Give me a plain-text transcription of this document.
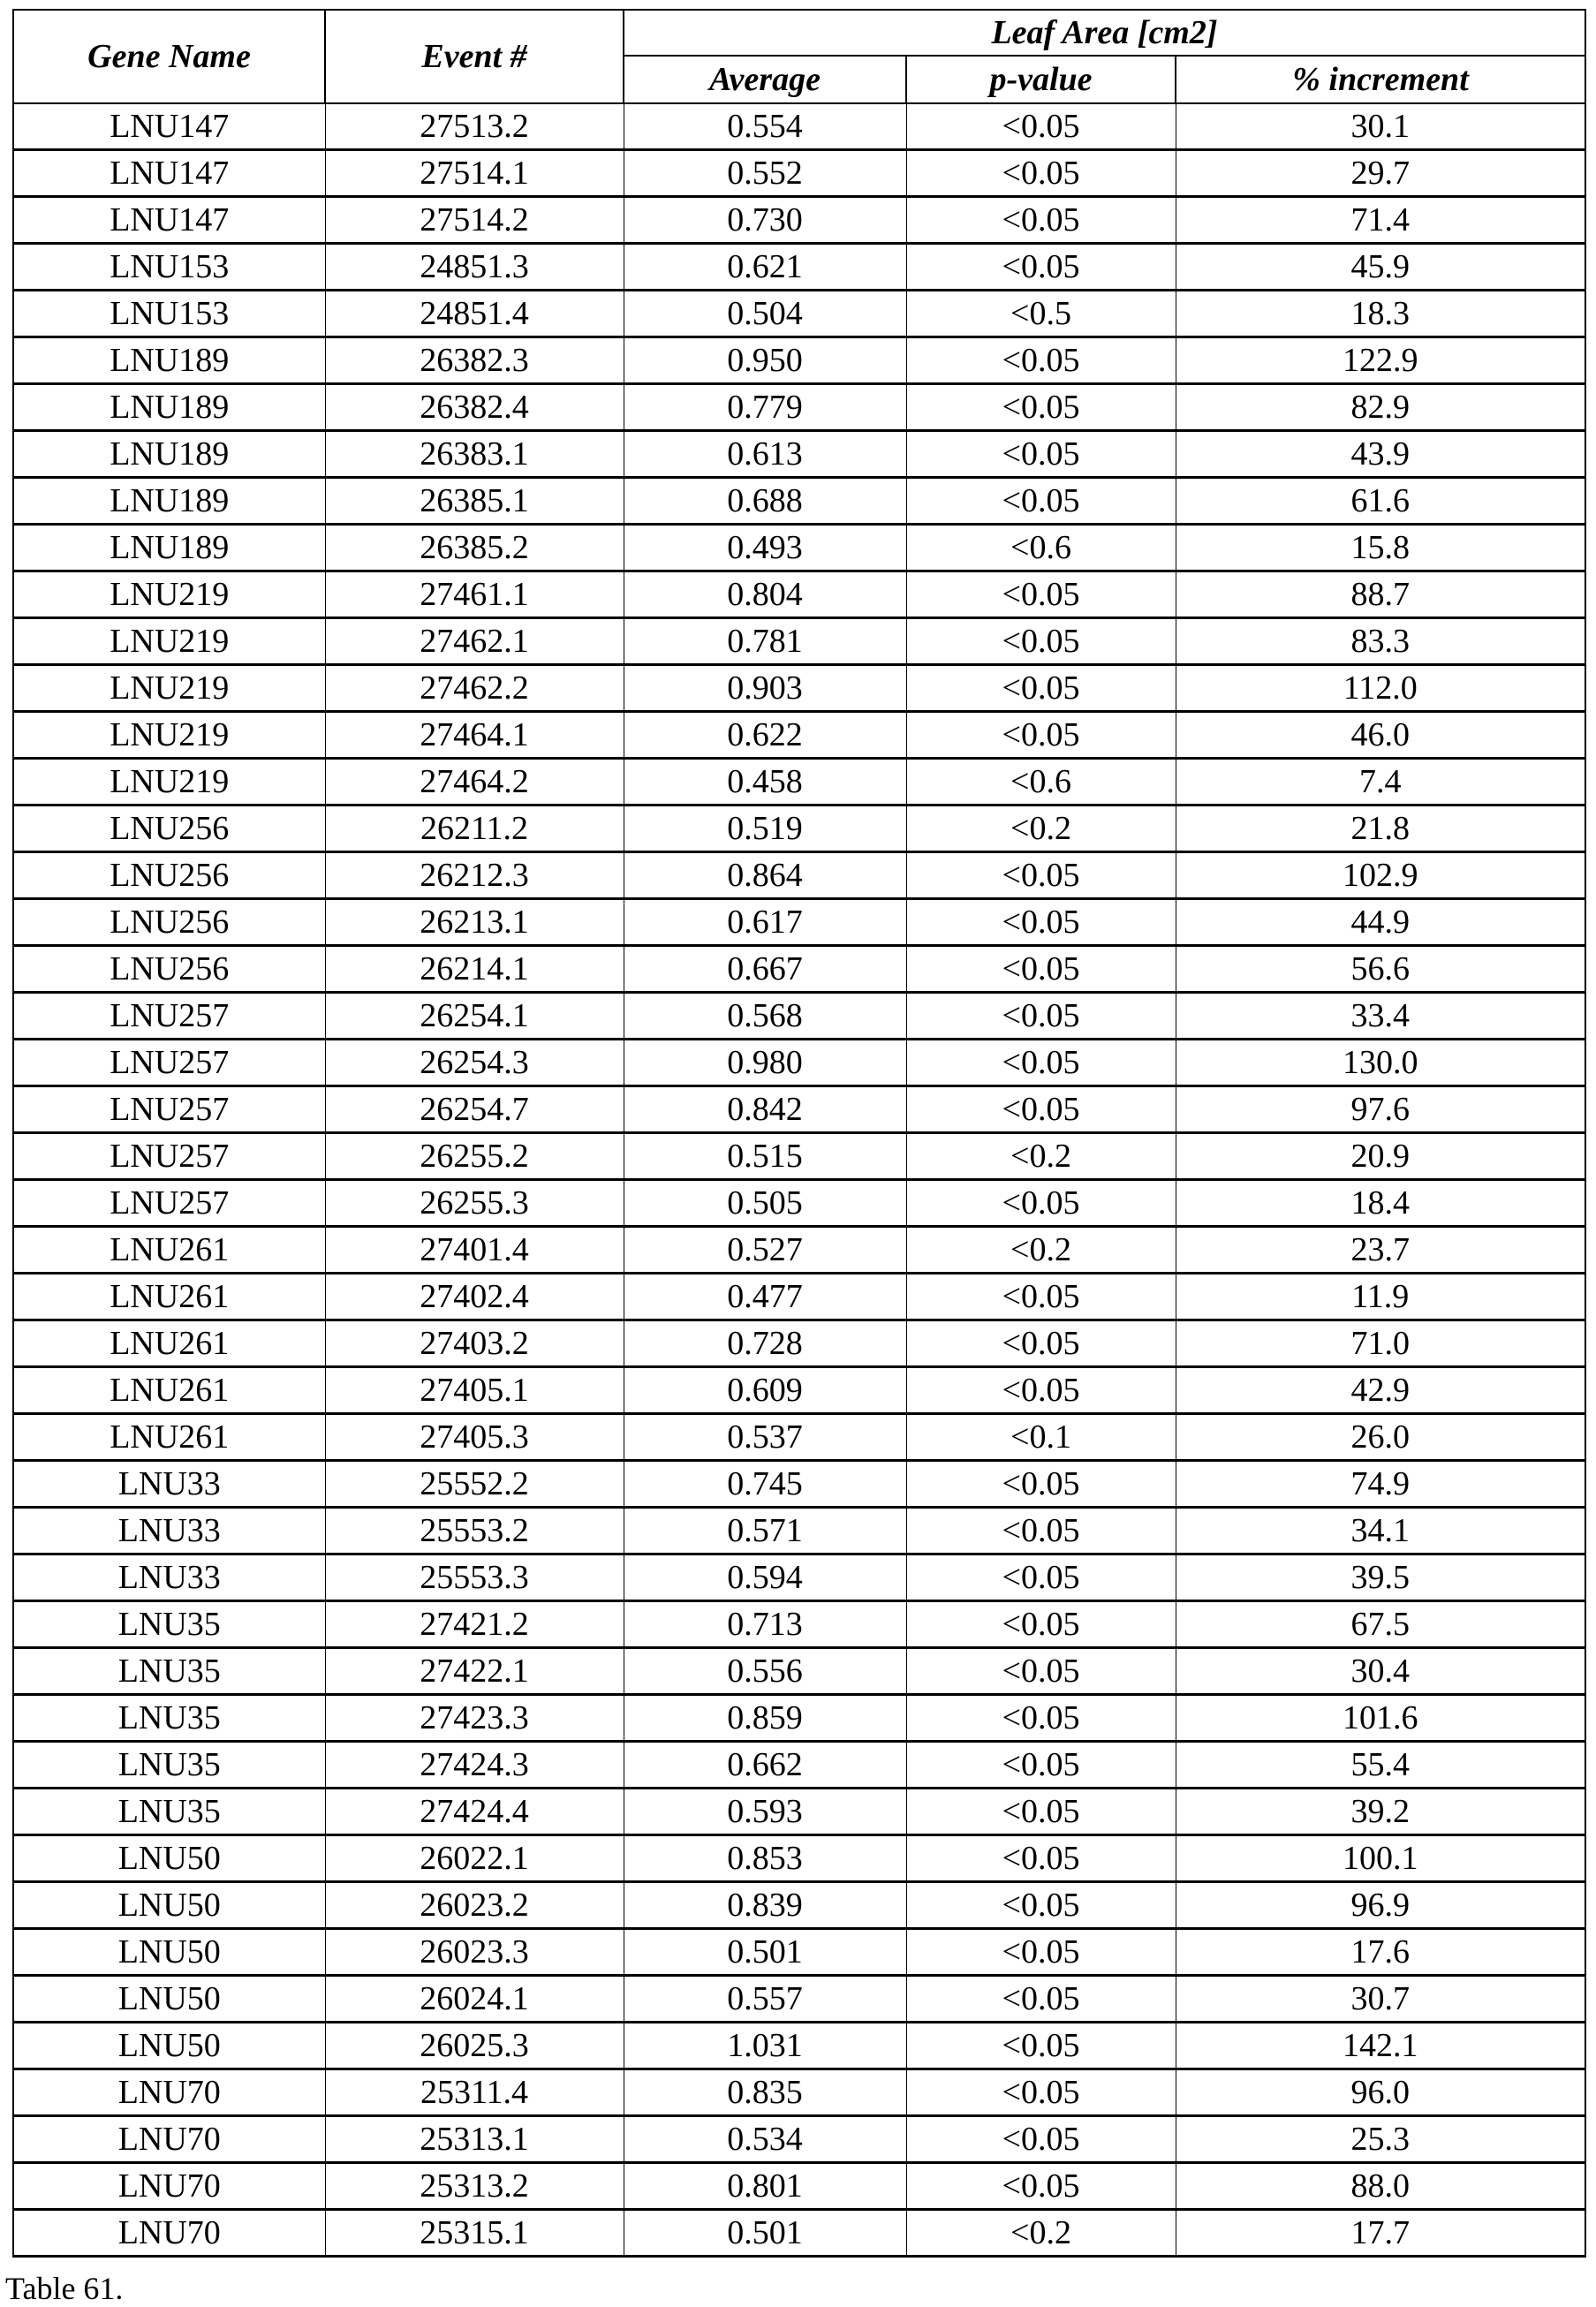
Gene Name	Event #	Leaf Area [cm2]
Average	p-value	% increment
LNU147	27513.2	0.554	<0.05	30.1
LNU147	27514.1	0.552	<0.05	29.7
LNU147	27514.2	0.730	<0.05	71.4
LNU153	24851.3	0.621	<0.05	45.9
LNU153	24851.4	0.504	<0.5	18.3
LNU189	26382.3	0.950	<0.05	122.9
LNU189	26382.4	0.779	<0.05	82.9
LNU189	26383.1	0.613	<0.05	43.9
LNU189	26385.1	0.688	<0.05	61.6
LNU189	26385.2	0.493	<0.6	15.8
LNU219	27461.1	0.804	<0.05	88.7
LNU219	27462.1	0.781	<0.05	83.3
LNU219	27462.2	0.903	<0.05	112.0
LNU219	27464.1	0.622	<0.05	46.0
LNU219	27464.2	0.458	<0.6	7.4
LNU256	26211.2	0.519	<0.2	21.8
LNU256	26212.3	0.864	<0.05	102.9
LNU256	26213.1	0.617	<0.05	44.9
LNU256	26214.1	0.667	<0.05	56.6
LNU257	26254.1	0.568	<0.05	33.4
LNU257	26254.3	0.980	<0.05	130.0
LNU257	26254.7	0.842	<0.05	97.6
LNU257	26255.2	0.515	<0.2	20.9
LNU257	26255.3	0.505	<0.05	18.4
LNU261	27401.4	0.527	<0.2	23.7
LNU261	27402.4	0.477	<0.05	11.9
LNU261	27403.2	0.728	<0.05	71.0
LNU261	27405.1	0.609	<0.05	42.9
LNU261	27405.3	0.537	<0.1	26.0
LNU33	25552.2	0.745	<0.05	74.9
LNU33	25553.2	0.571	<0.05	34.1
LNU33	25553.3	0.594	<0.05	39.5
LNU35	27421.2	0.713	<0.05	67.5
LNU35	27422.1	0.556	<0.05	30.4
LNU35	27423.3	0.859	<0.05	101.6
LNU35	27424.3	0.662	<0.05	55.4
LNU35	27424.4	0.593	<0.05	39.2
LNU50	26022.1	0.853	<0.05	100.1
LNU50	26023.2	0.839	<0.05	96.9
LNU50	26023.3	0.501	<0.05	17.6
LNU50	26024.1	0.557	<0.05	30.7
LNU50	26025.3	1.031	<0.05	142.1
LNU70	25311.4	0.835	<0.05	96.0
LNU70	25313.1	0.534	<0.05	25.3
LNU70	25313.2	0.801	<0.05	88.0
LNU70	25315.1	0.501	<0.2	17.7
Table 61.
